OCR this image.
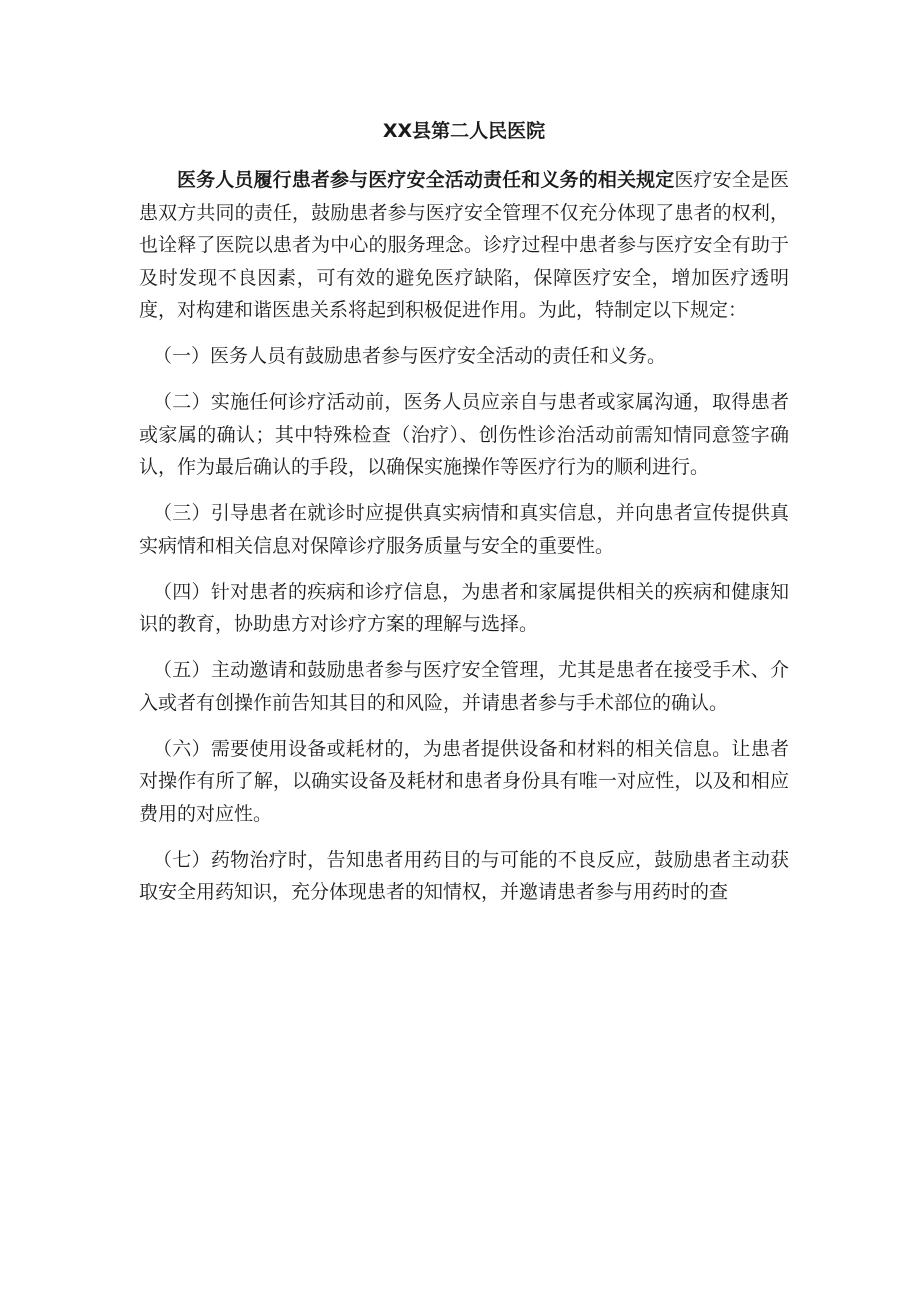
XX县第二人民医院

医务人员履行患者参与医疗安全活动责任和义务的相关规定医疗安全是医患双方共同的责任，鼓励患者参与医疗安全管理不仅充分体现了患者的权利，也诠释了医院以患者为中心的服务理念。诊疗过程中患者参与医疗安全有助于及时发现不良因素，可有效的避免医疗缺陷，保障医疗安全，增加医疗透明度，对构建和谐医患关系将起到积极促进作用。为此，特制定以下规定：

（一）医务人员有鼓励患者参与医疗安全活动的责任和义务。

（二）实施任何诊疗活动前，医务人员应亲自与患者或家属沟通，取得患者或家属的确认；其中特殊检查（治疗）、创伤性诊治活动前需知情同意签字确认，作为最后确认的手段，以确保实施操作等医疗行为的顺利进行。

（三）引导患者在就诊时应提供真实病情和真实信息，并向患者宣传提供真实病情和相关信息对保障诊疗服务质量与安全的重要性。

（四）针对患者的疾病和诊疗信息，为患者和家属提供相关的疾病和健康知识的教育，协助患方对诊疗方案的理解与选择。

（五）主动邀请和鼓励患者参与医疗安全管理，尤其是患者在接受手术、介入或者有创操作前告知其目的和风险，并请患者参与手术部位的确认。

（六）需要使用设备或耗材的，为患者提供设备和材料的相关信息。让患者对操作有所了解，以确实设备及耗材和患者身份具有唯一对应性，以及和相应费用的对应性。

（七）药物治疗时，告知患者用药目的与可能的不良反应，鼓励患者主动获取安全用药知识，充分体现患者的知情权，并邀请患者参与用药时的查
